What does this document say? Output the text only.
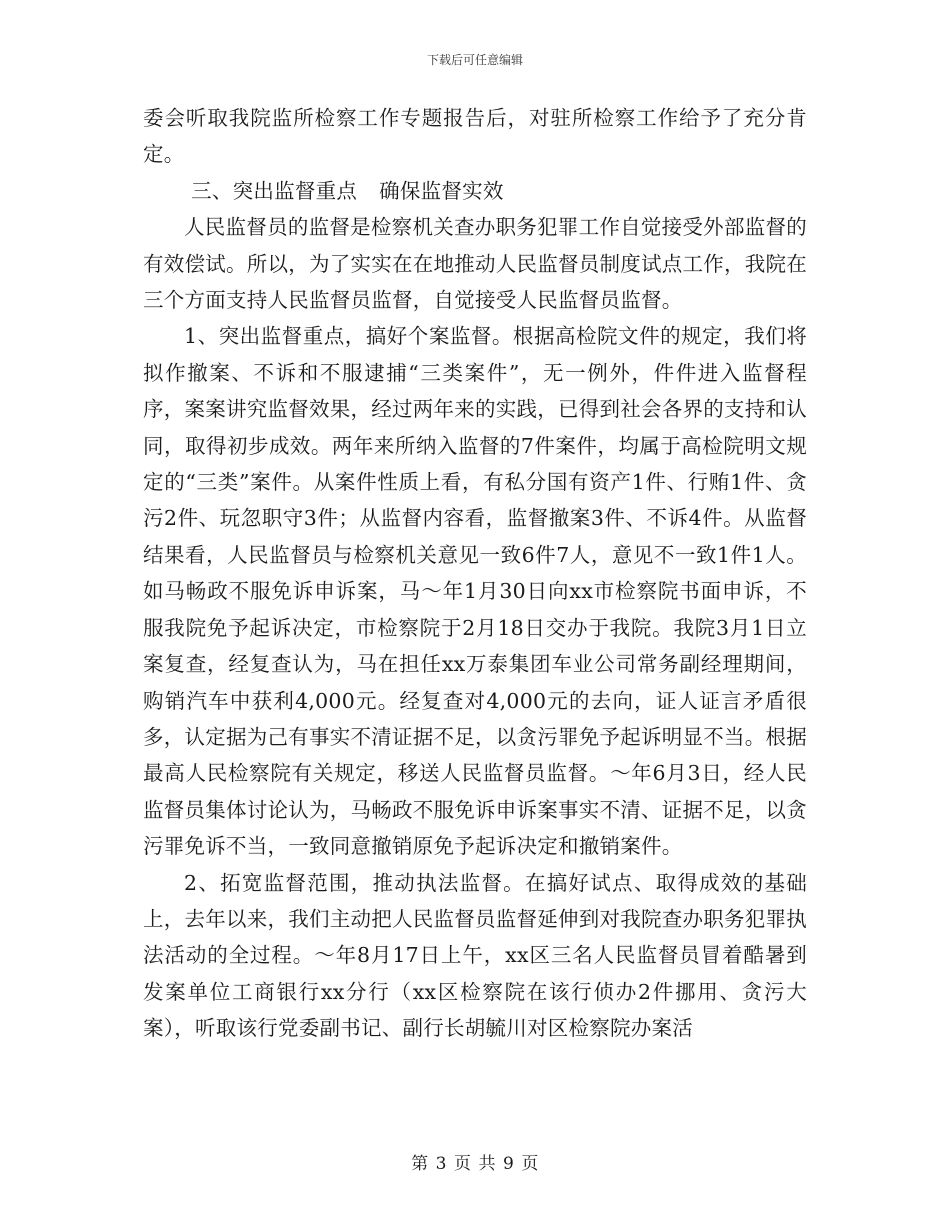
下载后可任意编辑

委会听取我院监所检察工作专题报告后，对驻所检察工作给予了充分肯定。

三、突出监督重点 确保监督实效

人民监督员的监督是检察机关查办职务犯罪工作自觉接受外部监督的有效偿试。所以，为了实实在在地推动人民监督员制度试点工作，我院在三个方面支持人民监督员监督，自觉接受人民监督员监督。

1、突出监督重点，搞好个案监督。根据高检院文件的规定，我们将拟作撤案、不诉和不服逮捕“三类案件”，无一例外，件件进入监督程序，案案讲究监督效果，经过两年来的实践，已得到社会各界的支持和认同，取得初步成效。两年来所纳入监督的7件案件，均属于高检院明文规定的“三类”案件。从案件性质上看，有私分国有资产1件、行贿1件、贪污2件、玩忽职守3件；从监督内容看，监督撤案3件、不诉4件。从监督结果看，人民监督员与检察机关意见一致6件7人，意见不一致1件1人。如马畅政不服免诉申诉案，马～年1月30日向xx市检察院书面申诉，不服我院免予起诉决定，市检察院于2月18日交办于我院。我院3月1日立案复查，经复查认为，马在担任xx万泰集团车业公司常务副经理期间，购销汽车中获利4,000元。经复查对4,000元的去向，证人证言矛盾很多，认定据为己有事实不清证据不足，以贪污罪免予起诉明显不当。根据最高人民检察院有关规定，移送人民监督员监督。～年6月3日，经人民监督员集体讨论认为，马畅政不服免诉申诉案事实不清、证据不足，以贪污罪免诉不当，一致同意撤销原免予起诉决定和撤销案件。

2、拓宽监督范围，推动执法监督。在搞好试点、取得成效的基础上，去年以来，我们主动把人民监督员监督延伸到对我院查办职务犯罪执法活动的全过程。～年8月17日上午，xx区三名人民监督员冒着酷暑到发案单位工商银行xx分行（xx区检察院在该行侦办2件挪用、贪污大案），听取该行党委副书记、副行长胡毓川对区检察院办案活

第 3 页 共 9 页
